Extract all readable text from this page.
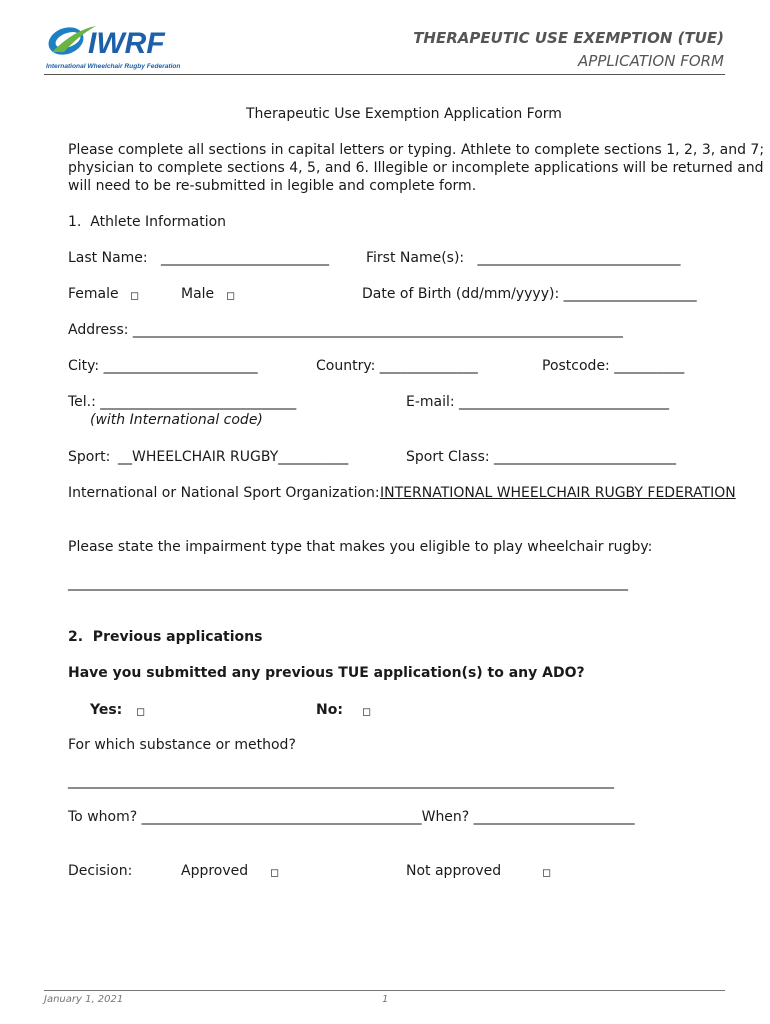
IWRF
International Wheelchair Rugby Federation
THERAPEUTIC USE EXEMPTION (TUE)
APPLICATION FORM
Therapeutic Use Exemption Application Form
Please complete all sections in capital letters or typing. Athlete to complete sections 1, 2, 3, and 7;
physician to complete sections 4, 5, and 6. Illegible or incomplete applications will be returned and
will need to be re-submitted in legible and complete form.
1.  Athlete Information
Last Name:   ________________________	First Name(s):   _____________________________
Female ◻	Male ◻	Date of Birth (dd/mm/yyyy): ___________________
Address: ______________________________________________________________________
City: ______________________	Country: ______________	Postcode: __________
Tel.: ____________________________
(with International code)
E-mail: ______________________________
Sport: __WHEELCHAIR RUGBY__________	Sport Class: __________________________
International or National Sport Organization: INTERNATIONAL WHEELCHAIR RUGBY FEDERATION
Please state the impairment type that makes you eligible to play wheelchair rugby:
________________________________________________________________________________
2.  Previous applications
Have you submitted any previous TUE application(s) to any ADO?
Yes: ◻	No: ◻
For which substance or method?
______________________________________________________________________________
To whom? ________________________________________When? _______________________
Decision:	Approved ◻	Not approved	◻
January 1, 2021	1
